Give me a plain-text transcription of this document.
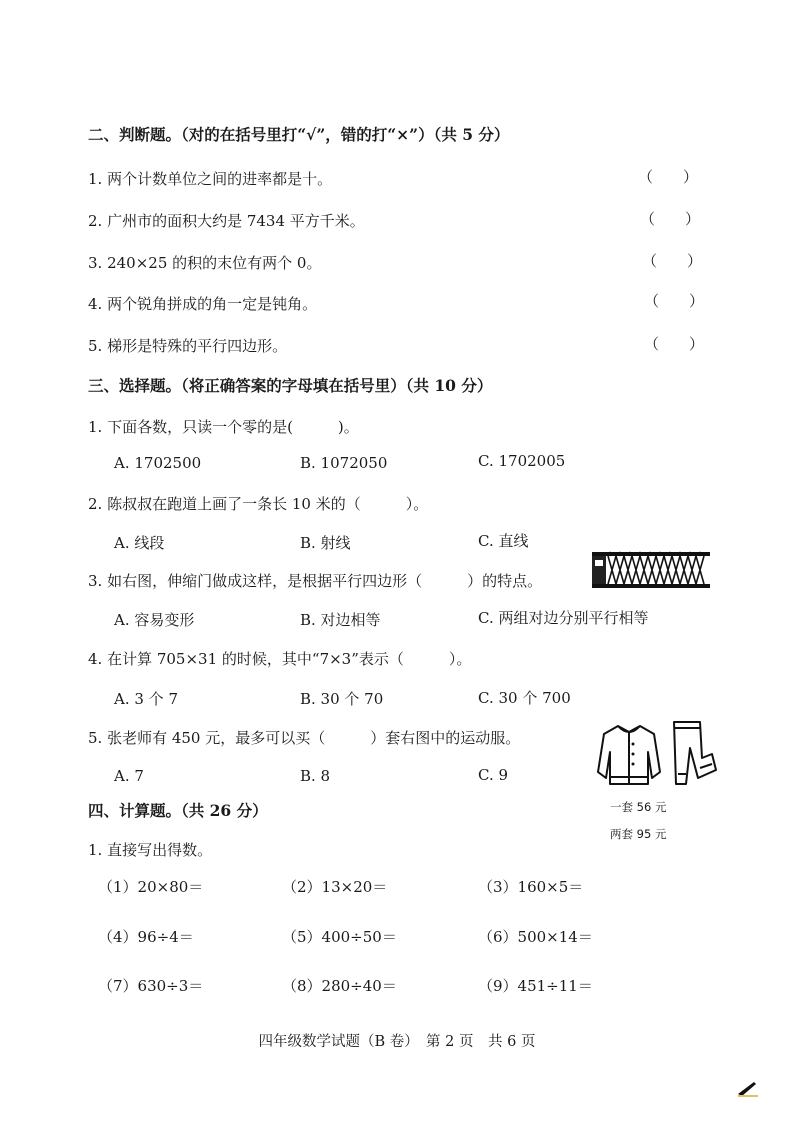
二、判断题。（对的在括号里打“√”，错的打“×”）（共 5 分）
1. 两个计数单位之间的进率都是十。	（　　）
2. 广州市的面积大约是 7434 平方千米。	（　　）
3. 240×25 的积的末位有两个 0。	（　　）
4. 两个锐角拼成的角一定是钝角。	（　　）
5. 梯形是特殊的平行四边形。	（　　）
三、选择题。（将正确答案的字母填在括号里）（共 10 分）
1. 下面各数，只读一个零的是(　　　)。
A. 1702500	B. 1072050	C. 1702005
2. 陈叔叔在跑道上画了一条长 10 米的（　　　）。
A. 线段	B. 射线	C. 直线
3. 如右图，伸缩门做成这样，是根据平行四边形（　　　）的特点。
A. 容易变形	B. 对边相等	C. 两组对边分别平行相等
4. 在计算 705×31 的时候，其中“7×3”表示（　　　）。
A. 3 个 7	B. 30 个 70	C. 30 个 700
5. 张老师有 450 元，最多可以买（　　　）套右图中的运动服。
A. 7	B. 8	C. 9
一套 56 元
两套 95 元
四、计算题。（共 26 分）
1. 直接写出得数。
（1）20×80＝	（2）13×20＝	（3）160×5＝
（4）96÷4＝	（5）400÷50＝	（6）500×14＝
（7）630÷3＝	（8）280÷40＝	（9）451÷11＝
四年级数学试题（B 卷）　第 2 页　共 6 页
